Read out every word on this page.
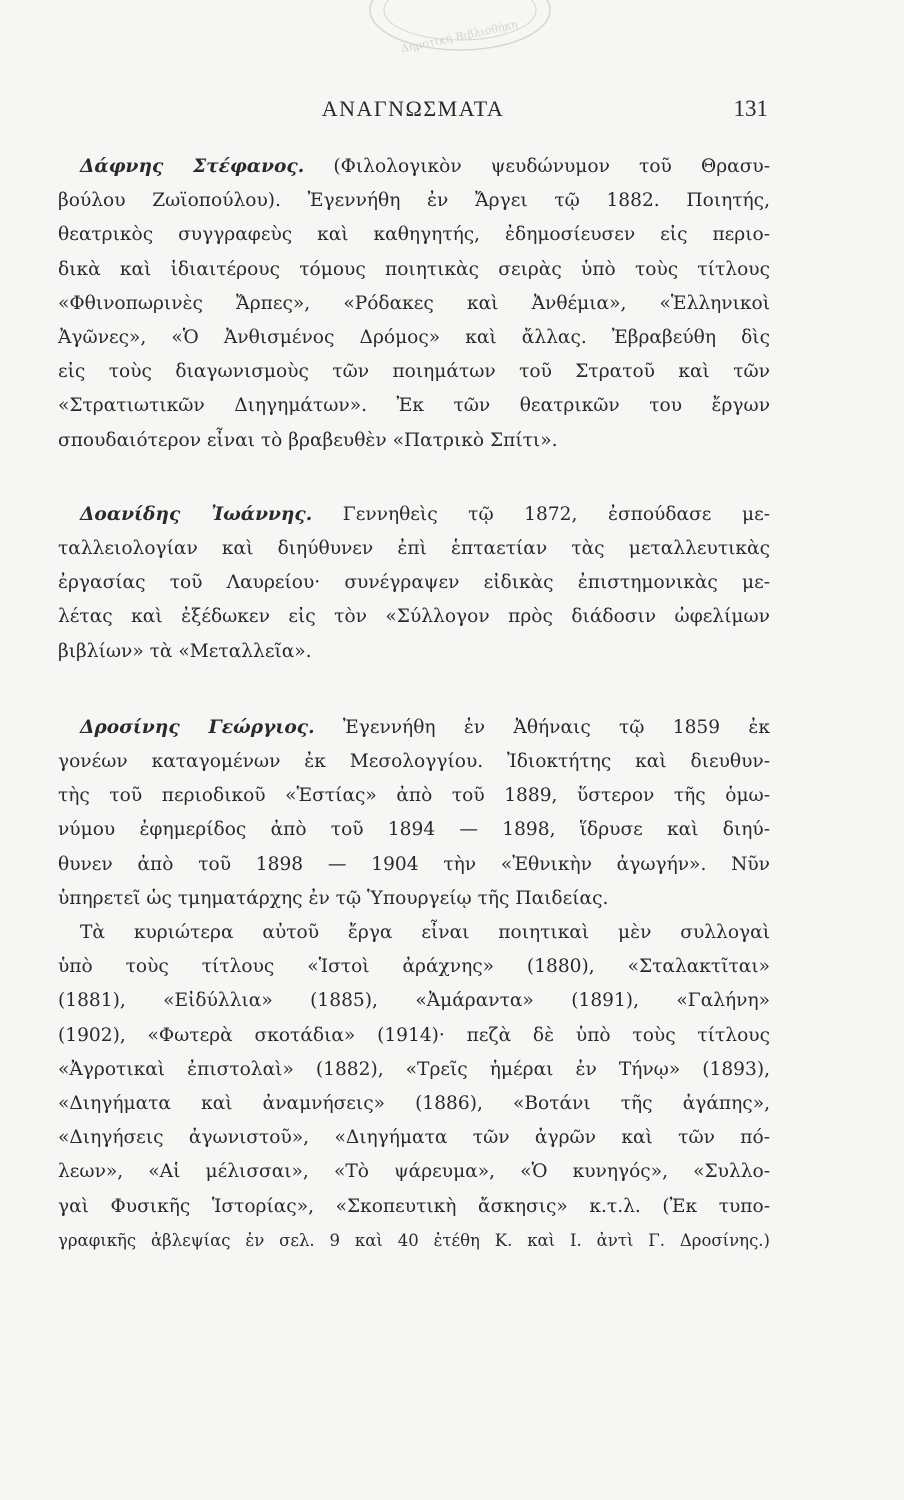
Δημοτική Βιβλιοθήκη
ΑΝΑΓΝΩΣΜΑΤΑ	131
Δάφνης Στέφανος. (Φιλολογικὸν ψευδώνυμον τοῦ Θρασυ-
βούλου Ζωϊοπούλου). Ἐγεννήθη ἐν Ἄργει τῷ 1882. Ποιητής,
θεατρικὸς συγγραφεὺς καὶ καθηγητής, ἐδημοσίευσεν εἰς περιο-
δικὰ καὶ ἰδιαιτέρους τόμους ποιητικὰς σειρὰς ὑπὸ τοὺς τίτλους
«Φθινοπωρινὲς Ἄρπες», «Ρόδακες καὶ Ἀνθέμια», «Ἑλληνικοὶ
Ἀγῶνες», «Ὁ Ἀνθισμένος Δρόμος» καὶ ἄλλας. Ἐβραβεύθη δὶς
εἰς τοὺς διαγωνισμοὺς τῶν ποιημάτων τοῦ Στρατοῦ καὶ τῶν
«Στρατιωτικῶν Διηγημάτων». Ἐκ τῶν θεατρικῶν του ἔργων
σπουδαιότερον εἶναι τὸ βραβευθὲν «Πατρικὸ Σπίτι».
Δοανίδης Ἰωάννης. Γεννηθεὶς τῷ 1872, ἐσπούδασε με-
ταλλειολογίαν καὶ διηύθυνεν ἐπὶ ἑπταετίαν τὰς μεταλλευτικὰς
ἐργασίας τοῦ Λαυρείου· συνέγραψεν εἰδικὰς ἐπιστημονικὰς με-
λέτας καὶ ἐξέδωκεν εἰς τὸν «Σύλλογον πρὸς διάδοσιν ὠφελίμων
βιβλίων» τὰ «Μεταλλεῖα».
Δροσίνης Γεώργιος. Ἐγεννήθη ἐν Ἀθήναις τῷ 1859 ἐκ
γονέων καταγομένων ἐκ Μεσολογγίου. Ἰδιοκτήτης καὶ διευθυν-
τὴς τοῦ περιοδικοῦ «Ἑστίας» ἀπὸ τοῦ 1889, ὕστερον τῆς ὁμω-
νύμου ἐφημερίδος ἀπὸ τοῦ 1894 — 1898, ἵδρυσε καὶ διηύ-
θυνεν ἀπὸ τοῦ 1898 — 1904 τὴν «Ἐθνικὴν ἀγωγήν». Νῦν
ὑπηρετεῖ ὡς τμηματάρχης ἐν τῷ Ὑπουργείῳ τῆς Παιδείας.
Τὰ κυριώτερα αὐτοῦ ἔργα εἶναι ποιητικαὶ μὲν συλλογαὶ
ὑπὸ τοὺς τίτλους «Ἱστοὶ ἀράχνης» (1880), «Σταλακτῖται»
(1881), «Εἰδύλλια» (1885), «Ἀμάραντα» (1891), «Γαλήνη»
(1902), «Φωτερὰ σκοτάδια» (1914)· πεζὰ δὲ ὑπὸ τοὺς τίτλους
«Ἀγροτικαὶ ἐπιστολαὶ» (1882), «Τρεῖς ἡμέραι ἐν Τήνῳ» (1893),
«Διηγήματα καὶ ἀναμνήσεις» (1886), «Βοτάνι τῆς ἀγάπης»,
«Διηγήσεις ἀγωνιστοῦ», «Διηγήματα τῶν ἀγρῶν καὶ τῶν πό-
λεων», «Αἱ μέλισσαι», «Τὸ ψάρευμα», «Ὁ κυνηγός», «Συλλο-
γαὶ Φυσικῆς Ἱστορίας», «Σκοπευτικὴ ἄσκησις» κ.τ.λ. (Ἐκ τυπο-
γραφικῆς ἀβλεψίας ἐν σελ. 9 καὶ 40 ἐτέθη Κ. καὶ Ι. ἀντὶ Γ. Δροσίνης.)
